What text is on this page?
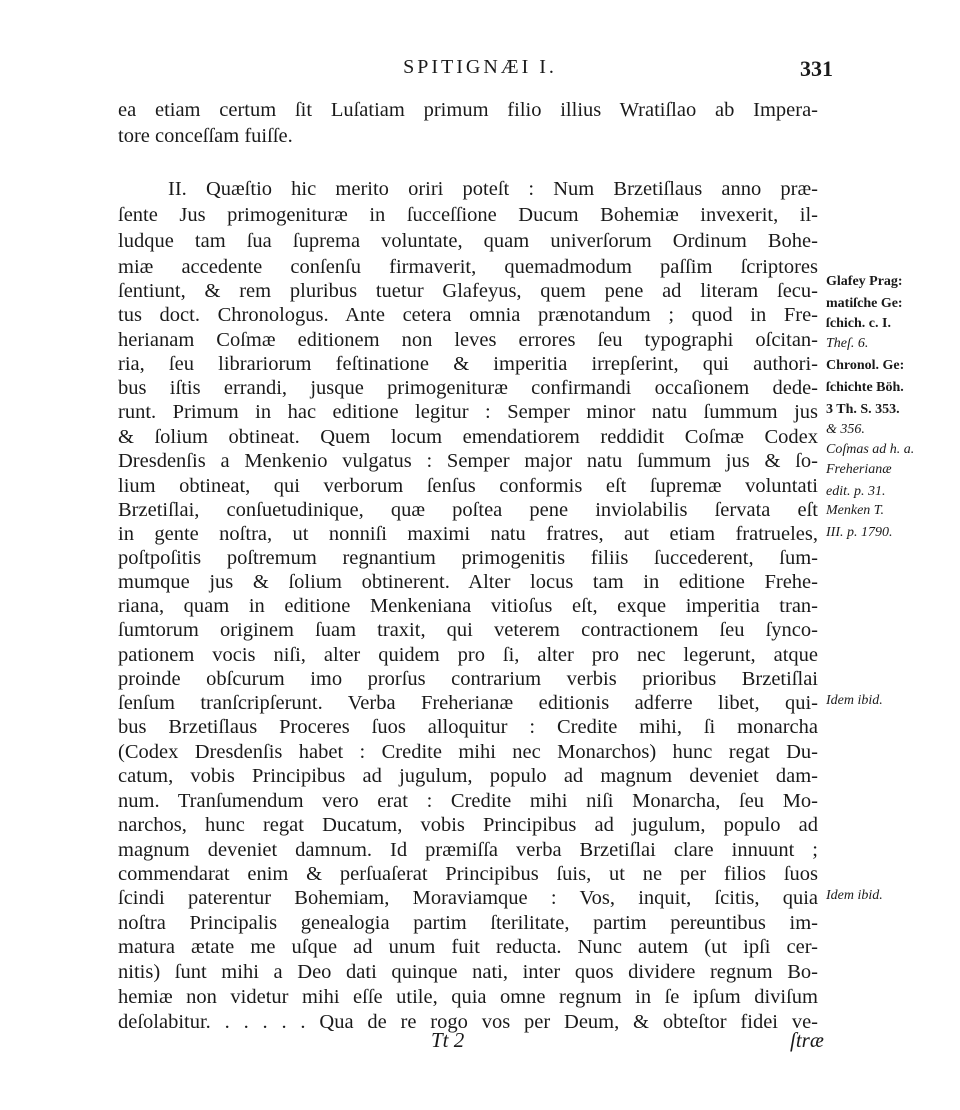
SPITIGNÆI I.	331
ea etiam certum ſit Luſatiam primum filio illius Wratiſlao ab Impera-
tore conceſſam fuiſſe.
II. Quæſtio hic merito oriri poteſt : Num Brzetiſlaus anno præ-
ſente Jus primogenituræ in ſucceſſione Ducum Bohemiæ invexerit, il-
ludque tam ſua ſuprema voluntate, quam univerſorum Ordinum Bohe-
miæ accedente conſenſu firmaverit, quemadmodum paſſim ſcriptores
ſentiunt, & rem pluribus tuetur Glafeyus, quem pene ad literam ſecu-
tus doct. Chronologus. Ante cetera omnia prænotandum ; quod in Fre-
herianam Coſmæ editionem non leves errores ſeu typographi oſcitan-
ria, ſeu librariorum feſtinatione & imperitia irrepſerint, qui authori-
bus iſtis errandi, jusque primogenituræ confirmandi occaſionem dede-
runt. Primum in hac editione legitur : Semper minor natu ſummum jus
& ſolium obtineat. Quem locum emendatiorem reddidit Coſmæ Codex
Dresdenſis a Menkenio vulgatus : Semper major natu ſummum jus & ſo-
lium obtineat, qui verborum ſenſus conformis eſt ſupremæ voluntati
Brzetiſlai, conſuetudinique, quæ poſtea pene inviolabilis ſervata eſt
in gente noſtra, ut nonniſi maximi natu fratres, aut etiam fratrueles,
poſtpoſitis poſtremum regnantium primogenitis filiis ſuccederent, ſum-
mumque jus & ſolium obtinerent. Alter locus tam in editione Frehe-
riana, quam in editione Menkeniana vitioſus eſt, exque imperitia tran-
ſumtorum originem ſuam traxit, qui veterem contractionem ſeu ſynco-
pationem vocis niſi, alter quidem pro ſi, alter pro nec legerunt, atque
proinde obſcurum imo prorſus contrarium verbis prioribus Brzetiſlai
ſenſum tranſcripſerunt. Verba Freherianæ editionis adferre libet, qui-
bus Brzetiſlaus Proceres ſuos alloquitur : Credite mihi, ſi monarcha
(Codex Dresdenſis habet : Credite mihi nec Monarchos) hunc regat Du-
catum, vobis Principibus ad jugulum, populo ad magnum deveniet dam-
num. Tranſumendum vero erat : Credite mihi niſi Monarcha, ſeu Mo-
narchos, hunc regat Ducatum, vobis Principibus ad jugulum, populo ad
magnum deveniet damnum. Id præmiſſa verba Brzetiſlai clare innuunt ;
commendarat enim & perſuaſerat Principibus ſuis, ut ne per filios ſuos
ſcindi paterentur Bohemiam, Moraviamque : Vos, inquit, ſcitis, quia
noſtra Principalis genealogia partim ſterilitate, partim pereuntibus im-
matura ætate me uſque ad unum fuit reducta. Nunc autem (ut ipſi cer-
nitis) ſunt mihi a Deo dati quinque nati, inter quos dividere regnum Bo-
hemiæ non videtur mihi eſſe utile, quia omne regnum in ſe ipſum diviſum
deſolabitur. . . . . . Qua de re rogo vos per Deum, & obteſtor fidei ve-
Glafey Prag:
matiſche Ge:
ſchich. c. I.
Theſ. 6.
Chronol. Ge:
ſchichte Böh.
3 Th. S. 353.
& 356.
Coſmas ad h. a.
Freherianæ
edit. p. 31.
Menken T.
III. p. 1790.
Idem ibid.
Idem ibid.
Tt 2	ſtræ
